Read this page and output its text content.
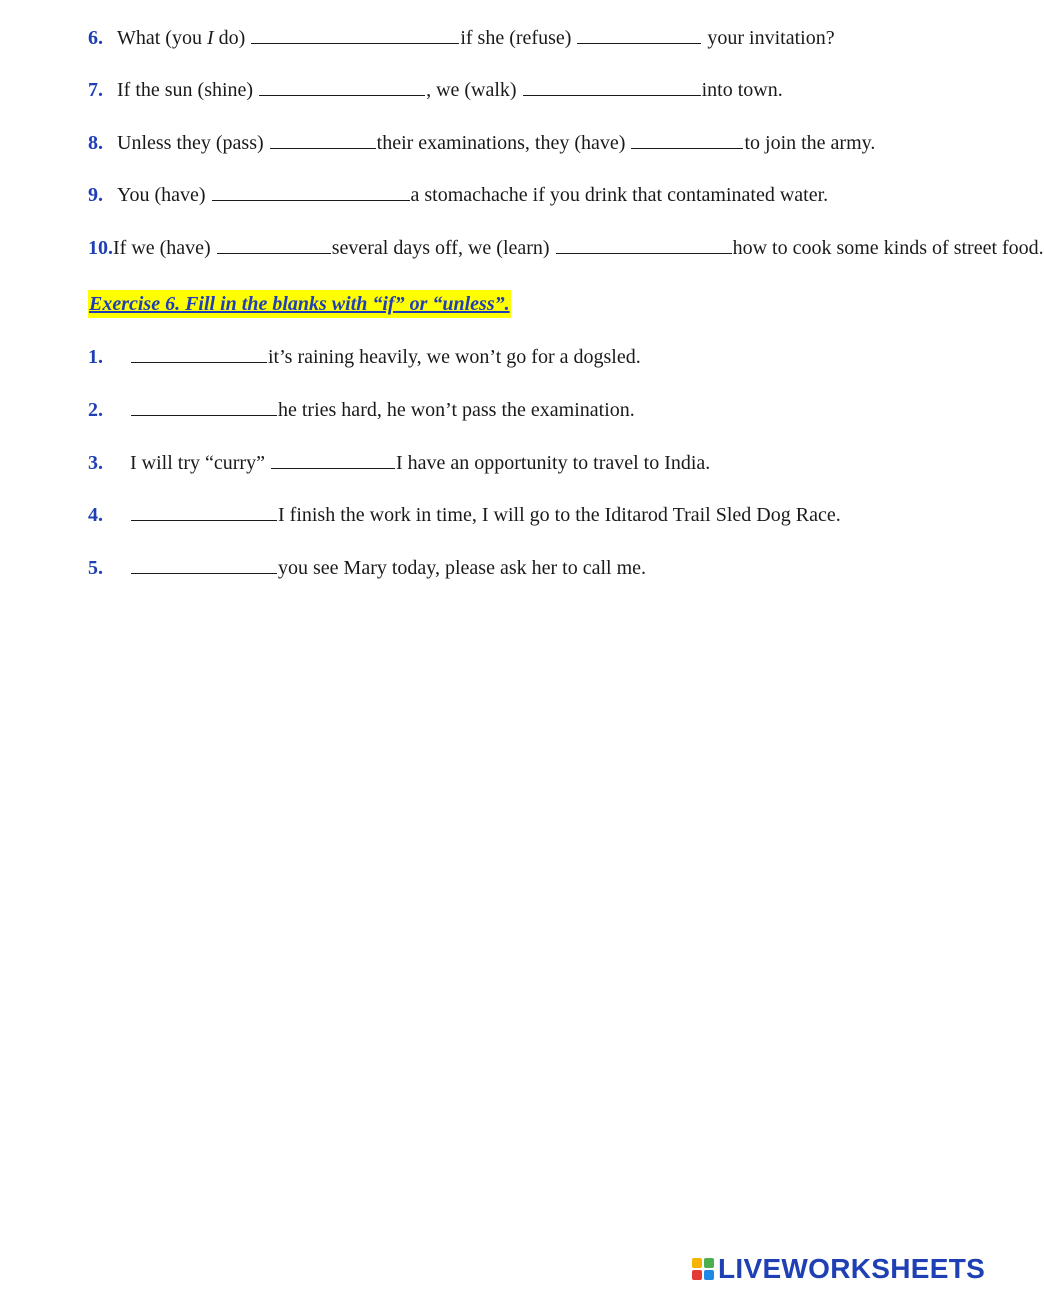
6. What (you I do)	if she (refuse)	your invitation?
7. If the sun (shine)	, we (walk)	into town.
8. Unless they (pass)	their examinations, they (have)	to join the army.
9. You (have)	a stomachache if you drink that contaminated water.
10.If we (have)	several days off, we (learn)	how to cook some kinds of street food.
Exercise 6. Fill in the blanks with “if” or “unless”.
1.	it’s raining heavily, we won’t go for a dogsled.
2.	he tries hard, he won’t pass the examination.
3. I will try “curry”	I have an opportunity to travel to India.
4.	I finish the work in time, I will go to the Iditarod Trail Sled Dog Race.
5.	you see Mary today, please ask her to call me.
LIVEWORKSHEETS
